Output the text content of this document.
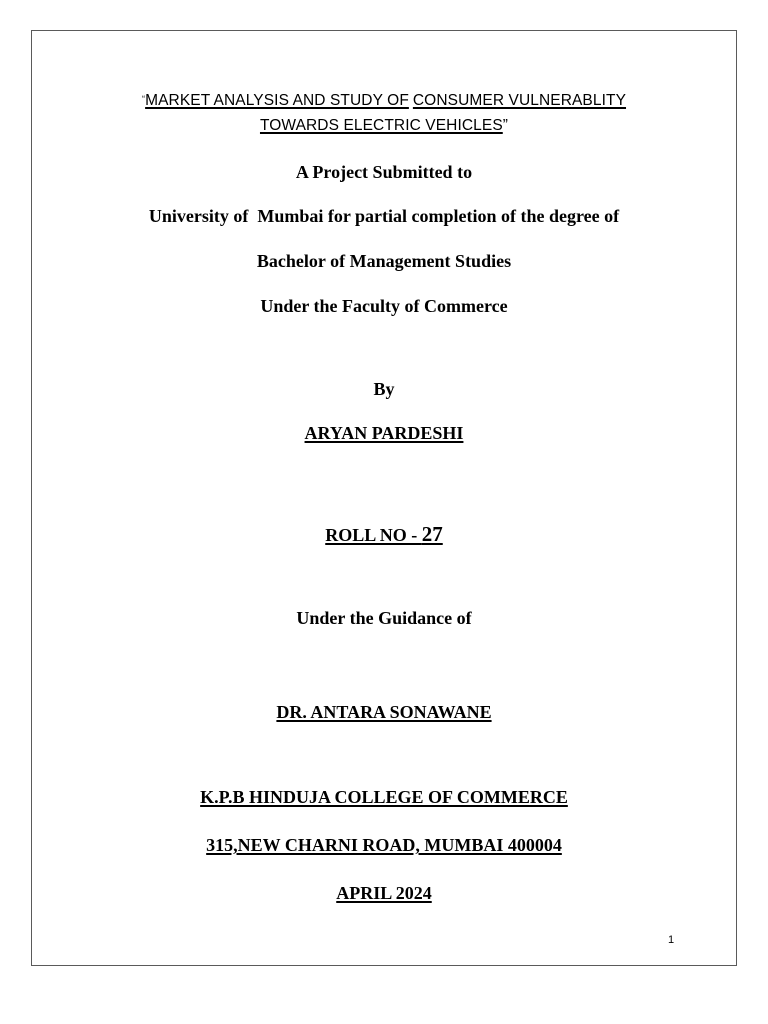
“MARKET ANALYSIS AND STUDY OF CONSUMER VULNERABLITY
TOWARDS ELECTRIC VEHICLES”
A Project Submitted to
University of  Mumbai for partial completion of the degree of
Bachelor of Management Studies
Under the Faculty of Commerce
By
ARYAN PARDESHI
ROLL NO - 27
Under the Guidance of
DR. ANTARA SONAWANE
K.P.B HINDUJA COLLEGE OF COMMERCE
315,NEW CHARNI ROAD, MUMBAI 400004
APRIL 2024
1
